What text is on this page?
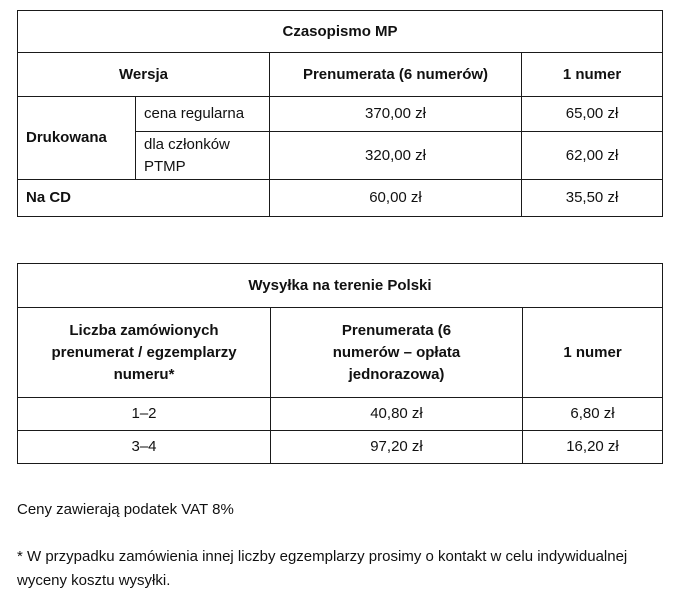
Czasopismo MP			
Wersja		Prenumerata (6 numerów)	1 numer
Drukowana	cena regularna	370,00 zł	65,00 zł
	dla członków PTMP	320,00 zł	62,00 zł
Na CD		60,00 zł	35,50 zł
Wysyłka na terenie Polski		
Liczba zamówionych prenumerat / egzemplarzy numeru*	Prenumerata (6 numerów – opłata jednorazowa)	1 numer
1–2	40,80 zł	6,80 zł
3–4	97,20 zł	16,20 zł
Ceny zawierają podatek VAT 8%
* W przypadku zamówienia innej liczby egzemplarzy prosimy o kontakt w celu indywidualnej wyceny kosztu wysyłki.
